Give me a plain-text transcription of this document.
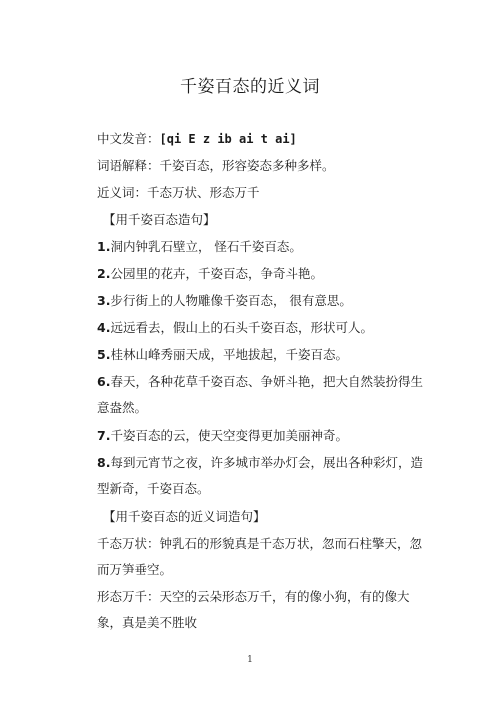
千姿百态的近义词
中文发音：[qi E z ib ai t ai]
词语解释：千姿百态，形容姿态多种多样。
近义词：千态万状、形态万千
【用千姿百态造句】
1.洞内钟乳石壁立， 怪石千姿百态。
2.公园里的花卉，千姿百态，争奇斗艳。
3.步行街上的人物雕像千姿百态， 很有意思。
4.远远看去，假山上的石头千姿百态，形状可人。
5.桂林山峰秀丽天成，平地拔起，千姿百态。
6.春天，各种花草千姿百态、争妍斗艳，把大自然装扮得生意盎然。
7.千姿百态的云，使天空变得更加美丽神奇。
8.每到元宵节之夜，许多城市举办灯会，展出各种彩灯，造型新奇，千姿百态。
【用千姿百态的近义词造句】
千态万状：钟乳石的形貌真是千态万状，忽而石柱擎天，忽而万笋垂空。
形态万千：天空的云朵形态万千，有的像小狗，有的像大象，真是美不胜收
1
